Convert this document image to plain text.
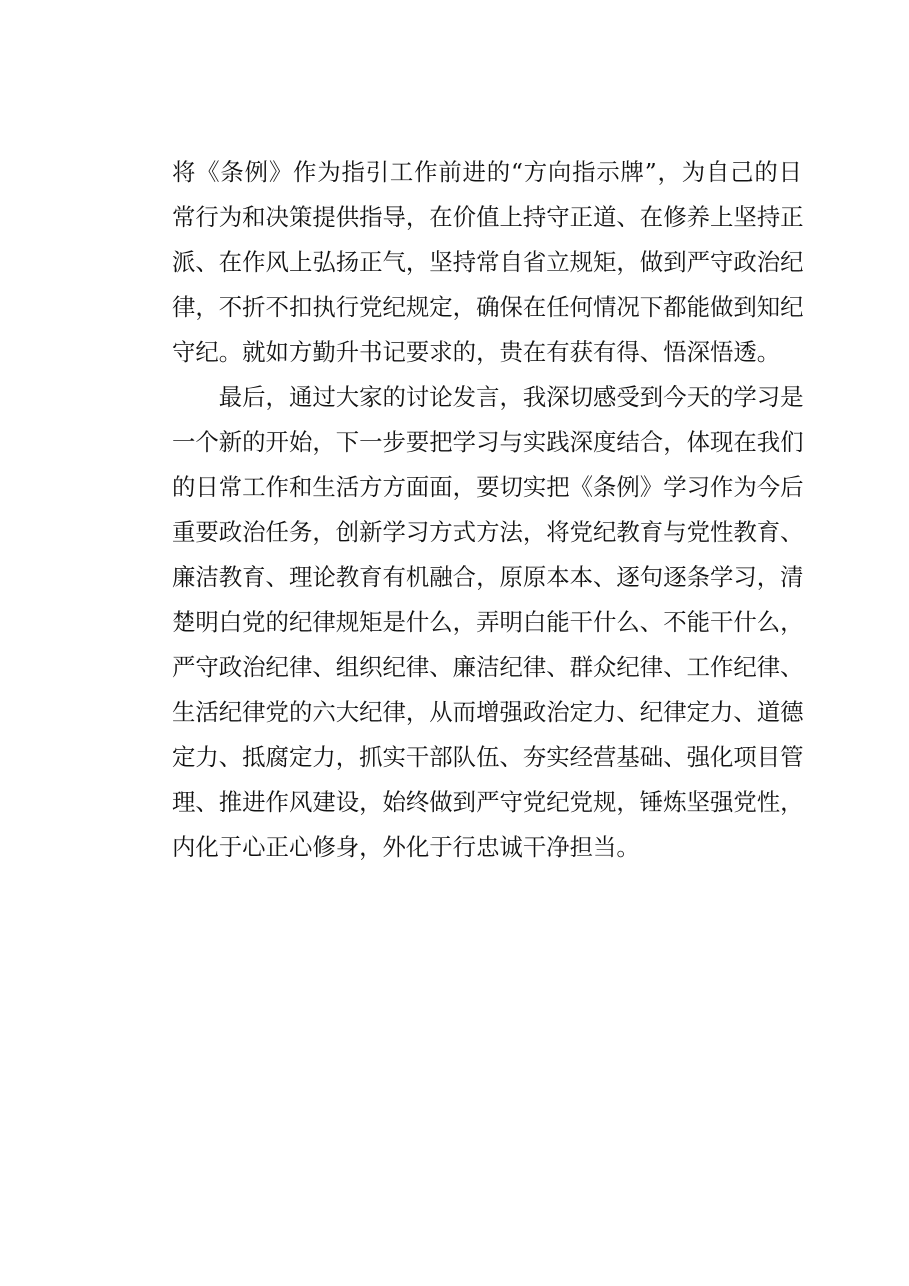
将《条例》作为指引工作前进的“方向指示牌”，为自己的日
常行为和决策提供指导，在价值上持守正道、在修养上坚持正
派、在作风上弘扬正气，坚持常自省立规矩，做到严守政治纪
律，不折不扣执行党纪规定，确保在任何情况下都能做到知纪
守纪。就如方勤升书记要求的，贵在有获有得、悟深悟透。
　　最后，通过大家的讨论发言，我深切感受到今天的学习是
一个新的开始，下一步要把学习与实践深度结合，体现在我们
的日常工作和生活方方面面，要切实把《条例》学习作为今后
重要政治任务，创新学习方式方法，将党纪教育与党性教育、
廉洁教育、理论教育有机融合，原原本本、逐句逐条学习，清
楚明白党的纪律规矩是什么，弄明白能干什么、不能干什么，
严守政治纪律、组织纪律、廉洁纪律、群众纪律、工作纪律、
生活纪律党的六大纪律，从而增强政治定力、纪律定力、道德
定力、抵腐定力，抓实干部队伍、夯实经营基础、强化项目管
理、推进作风建设，始终做到严守党纪党规，锤炼坚强党性，
内化于心正心修身，外化于行忠诚干净担当。
